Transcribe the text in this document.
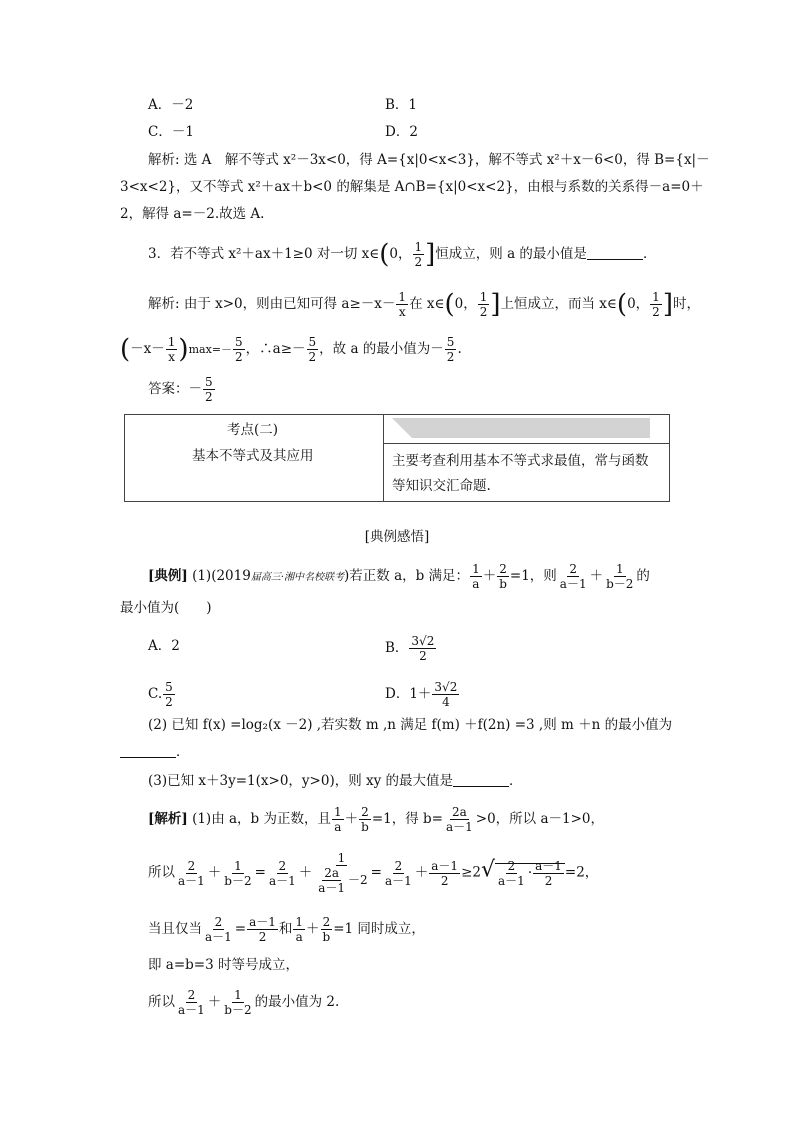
A．－2	B．1
C．－1	D．2
解析: 选 A　解不等式 x²－3x<0，得 A={x|0<x<3}，解不等式 x²＋x－6<0，得 B={x|－
3<x<2}，又不等式 x²＋ax＋b<0 的解集是 A∩B={x|0<x<2}，由根与系数的关系得－a=0＋
2，解得 a=－2.故选 A.
3．若不等式 x²＋ax＋1≥0 对一切 x∈(0， $\frac{1}{2}$ ]恒成立，则 a 的最小值是	．
解析: 由于 x>0，则由已知可得 $a\ge-x- \frac{1}{x}$ 在 x∈(0， $\frac{1}{2}$ ]上恒成立，而当 x∈(0， $\frac{1}{2}$ ]时，
$(-x- \frac{1}{x} )\max=- \frac{5}{2}$ ，∴a≥－ $\frac{5}{2}$ ，故 a 的最小值为－ $\frac{5}{2}$ .
答案：－ $\frac{5}{2}$
考点(二)
基本不等式及其应用	主要考查利用基本不等式求最值，常与函数
等知识交汇命题.
[典例感悟]
[典例] (1)(2019届高三·湘中名校联考)若正数 a，b 满足： $\frac{1}{a} + \frac{2}{b} =1$，则 $\frac{2}{a-1} + \frac{1}{b-2}$ 的
最小值为(　　)
A．2	B． $\frac{3√2}{2}$
C. $\frac{5}{2}$	D．$1+ \frac{3√2}{4}$
(2) 已知 f(x) =log₂(x －2) ,若实数 m ,n 满足 f(m) ＋f(2n) =3 ,则 m ＋n 的最小值为
．
(3)已知 x＋3y=1(x>0，y>0)，则 xy 的最大值是	．
[解析] (1)由 a，b 为正数，且 $\frac{1}{a} + \frac{2}{b} =1$，得 $b= \frac{2a}{a-1} >0$，所以 a－1>0，
所以 $\frac{2}{a-1} + \frac{1}{b-2} = \frac{2}{a-1} + \frac{1}{\frac{2a}{a-1} -2} = \frac{2}{a-1} + \frac{a-1}{2} \ge 2√ \frac{2}{a-1} \cdot \frac{a-1}{2} =2$，
当且仅当 $\frac{2}{a-1} = \frac{a-1}{2}$ 和 $\frac{1}{a} + \frac{2}{b} =1$ 同时成立，
即 a=b=3 时等号成立，
所以 $\frac{2}{a-1} + \frac{1}{b-2}$ 的最小值为 2.
